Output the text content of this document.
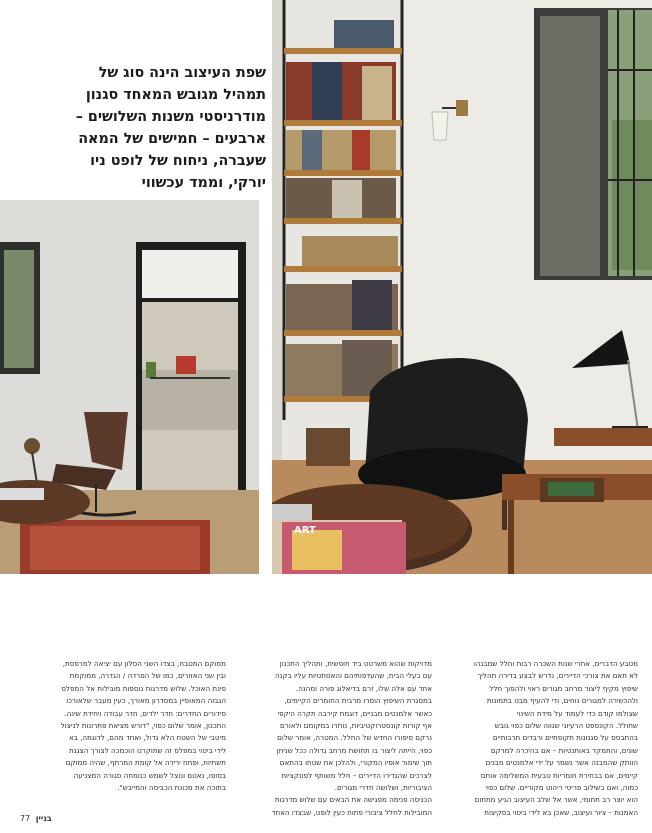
ART
שפת העיצוב הינה סוג של
תמהיל מגובש המאחד סגנון
מודרניסטי משנות השלושים –
ארבעים – חמישים של המאה
שעברה, ניחוח של לופט ניו
יורקי, וממד עכשווי
מטבע הדברים, אחרי שנות השכרה רבות וחלל שמבנהו
לא תאם את צורכי הדיירים, נדרש לבצע בדירה תהליך
שיפוץ מקיף ליצור מרחב מגורים ראוי ולהפוך חלל
ולהכשירה למגורים נוחים, ודי להעיף מבט בתמונות
שצולמו קודם כדי לעמוד על מידת השינוי
שחולל. הקונספט הרעיוני שנווה שלום כפוי גובש
בהתבסס על סגנונות תקופתיים ורבדים תרבותיים
שונים, והתמקד באותנטיות – אם בהיכרה למרקם
הוותק שהמבנה אשר נשמר על ידי אלמנטים מבנים
קיימים, אם בבחירת חומריות טבעית המשלימה אותם
כמוה, ואם בשילוב פריטי ריהוט מקוריים. שלום כפוי
הוא יוצר רב תחומי, אשר אל שלב העיצוב הגיע מתחום
האמנות – ציור ועיצוב, שאכן בא לידי ביטוי בסקיצות
מדויקות שהוא משרטט ביד חופשית, ותהליך התכנון
עם בעלי הבית, שהעדפותיהם והאסתטיות עליו בקנה
אחד עם אלה שלו, זרם בדיאלוג פורה ומהנה.
במסגרת השיפוץ הוסרו מרבית החומרים הקיימים,
כאשר אלמנטים מבניים, דוגמת קירבה תקרה היקפי
אף קורות קונסטרוקטיביות, נותרו במקומם ולאורם
נרקם סיפורו החדש של החלל. המטרה, אומר שלום
כפוי, הייתה ליצור בו תחושת מרחב גדולה ככל שניתן
תוך שימור אופיו המקורי, ולהלכן את שטחו בהתאם
לצרכים שהגדירו הדיירים – חלל משותף לפונקציות
הציבוריות, ושלושה חדרי מגורים.
הכניסה פנימה מפגישה את הבאים עם שלוש מדרגות
המובילות לחלל ציבורי פתוח כעין לופט, שבצדו האחד
ממוקם המטבח, בצדו השני הסלון עם יציאה למרפסת,
ובין שני האזורים, כמו של הפרדה / הגדרה, ממוקמת
פינת האוכל. שלוש מדרגות נוספות מובילות אל המפלס
הגבוה המאופיין במסדרון מאורך, כעין מעבר שלאורכו
סידורים החדרים: חדר ילדים, חדר עבודה ויחידת שינה.
התכנון, אומר שלום כפוי, "דורש מציאת פתרונות לניצול
מיטבי של השטח הלא גדול, ואחד מהם, לדוגמה, בא
לידי ביטוי במפלס זה שתוקרנו הוכמכה לצורך הצגנת
תשתיות, ופתח ירידה אל קומת המרתף, שהיה ממוקם
בסופו, נאטם ונוצל לשמש כנומחה סגורה המצניעה
בתוכה את מכונת הכביסה והמייבש".
77 בניין
